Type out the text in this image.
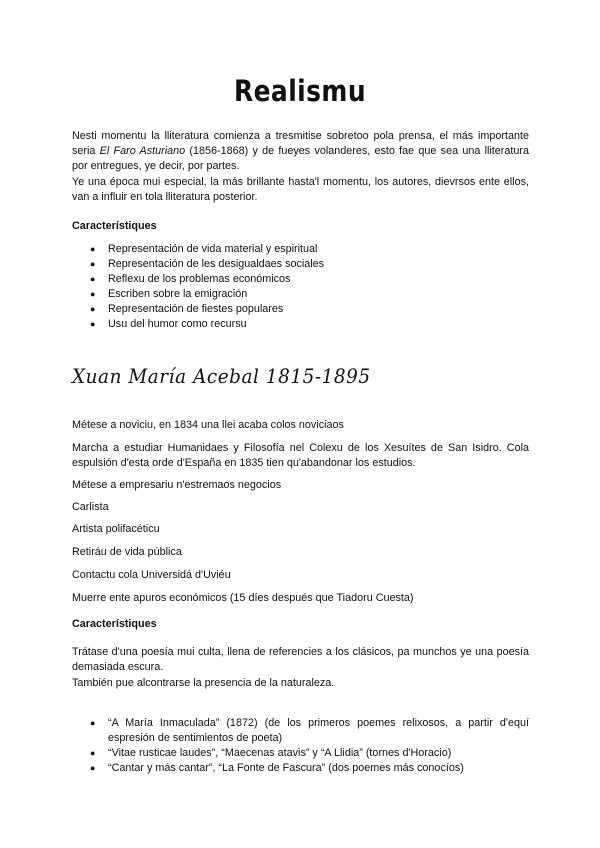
Realismu
Nesti momentu la lliteratura comienza a tresmitise sobretoo pola prensa, el más importante seria El Faro Asturiano (1856-1868) y de fueyes volanderes, esto fae que sea una lliteratura por entregues, ye decir, por partes.
Ye una época mui especial, la más brillante hasta'l momentu, los autores, dievrsos ente ellos, van a influir en tola lliteratura posterior.
Característiques
● Representación de vida material y espiritual
● Representación de les desigualdaes sociales
● Reflexu de los problemas económicos
● Escriben sobre la emigración
● Representación de fiestes populares
● Usu del humor como recursu
Xuan María Acebal 1815-1895
Métese a noviciu, en 1834 una llei acaba colos noviciaos
Marcha a estudiar Humanidaes y Filosofía nel Colexu de los Xesuítes de San Isidro. Cola espulsión d'esta orde d'España en 1835 tien qu'abandonar los estudios.
Métese a empresariu n'estremaos negocios
Carlista
Artista polifacéticu
Retiráu de vida pública
Contactu cola Universidá d'Uviéu
Muerre ente apuros económicos (15 díes después que Tiadoru Cuesta)
Característiques
Trátase d'una poesía mui culta, llena de referencies a los clásicos, pa munchos ye una poesía demasiada escura.
También pue alcontrarse la presencia de la naturaleza.
● “A María Inmaculada” (1872) (de los primeros poemes relixosos, a partir d'equí espresión de sentimientos de poeta)
● “Vitae rusticae laudes”, “Maecenas atavis” y “A Llidia” (tornes d'Horacio)
● “Cantar y más cantar”, “La Fonte de Fascura” (dos poemes más conocíos)
